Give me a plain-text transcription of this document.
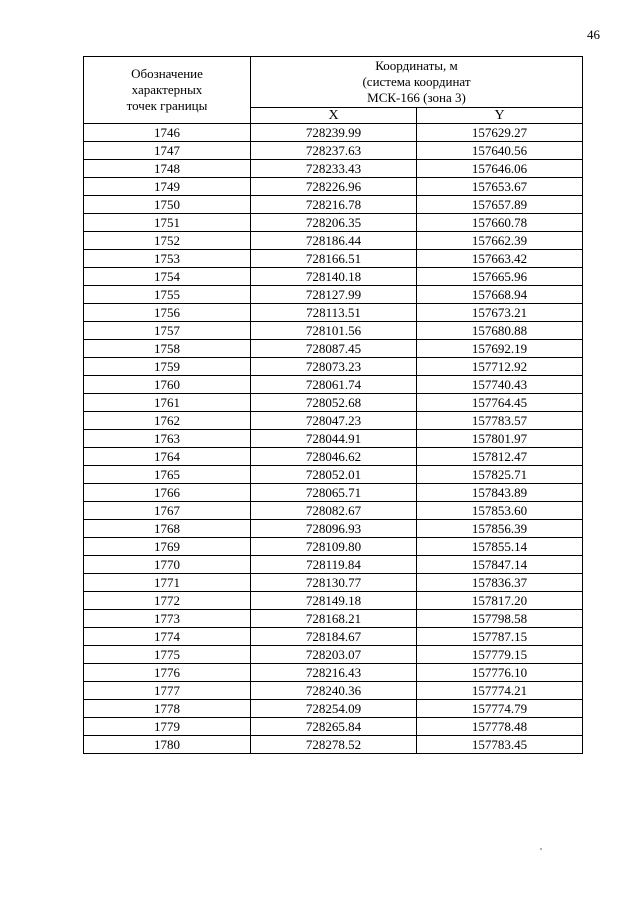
46
Обозначение
характерных
точек границы	Координаты, м
(система координат
МСК-166 (зона 3)	
	X	Y
1746	728239.99	157629.27
1747	728237.63	157640.56
1748	728233.43	157646.06
1749	728226.96	157653.67
1750	728216.78	157657.89
1751	728206.35	157660.78
1752	728186.44	157662.39
1753	728166.51	157663.42
1754	728140.18	157665.96
1755	728127.99	157668.94
1756	728113.51	157673.21
1757	728101.56	157680.88
1758	728087.45	157692.19
1759	728073.23	157712.92
1760	728061.74	157740.43
1761	728052.68	157764.45
1762	728047.23	157783.57
1763	728044.91	157801.97
1764	728046.62	157812.47
1765	728052.01	157825.71
1766	728065.71	157843.89
1767	728082.67	157853.60
1768	728096.93	157856.39
1769	728109.80	157855.14
1770	728119.84	157847.14
1771	728130.77	157836.37
1772	728149.18	157817.20
1773	728168.21	157798.58
1774	728184.67	157787.15
1775	728203.07	157779.15
1776	728216.43	157776.10
1777	728240.36	157774.21
1778	728254.09	157774.79
1779	728265.84	157778.48
1780	728278.52	157783.45
